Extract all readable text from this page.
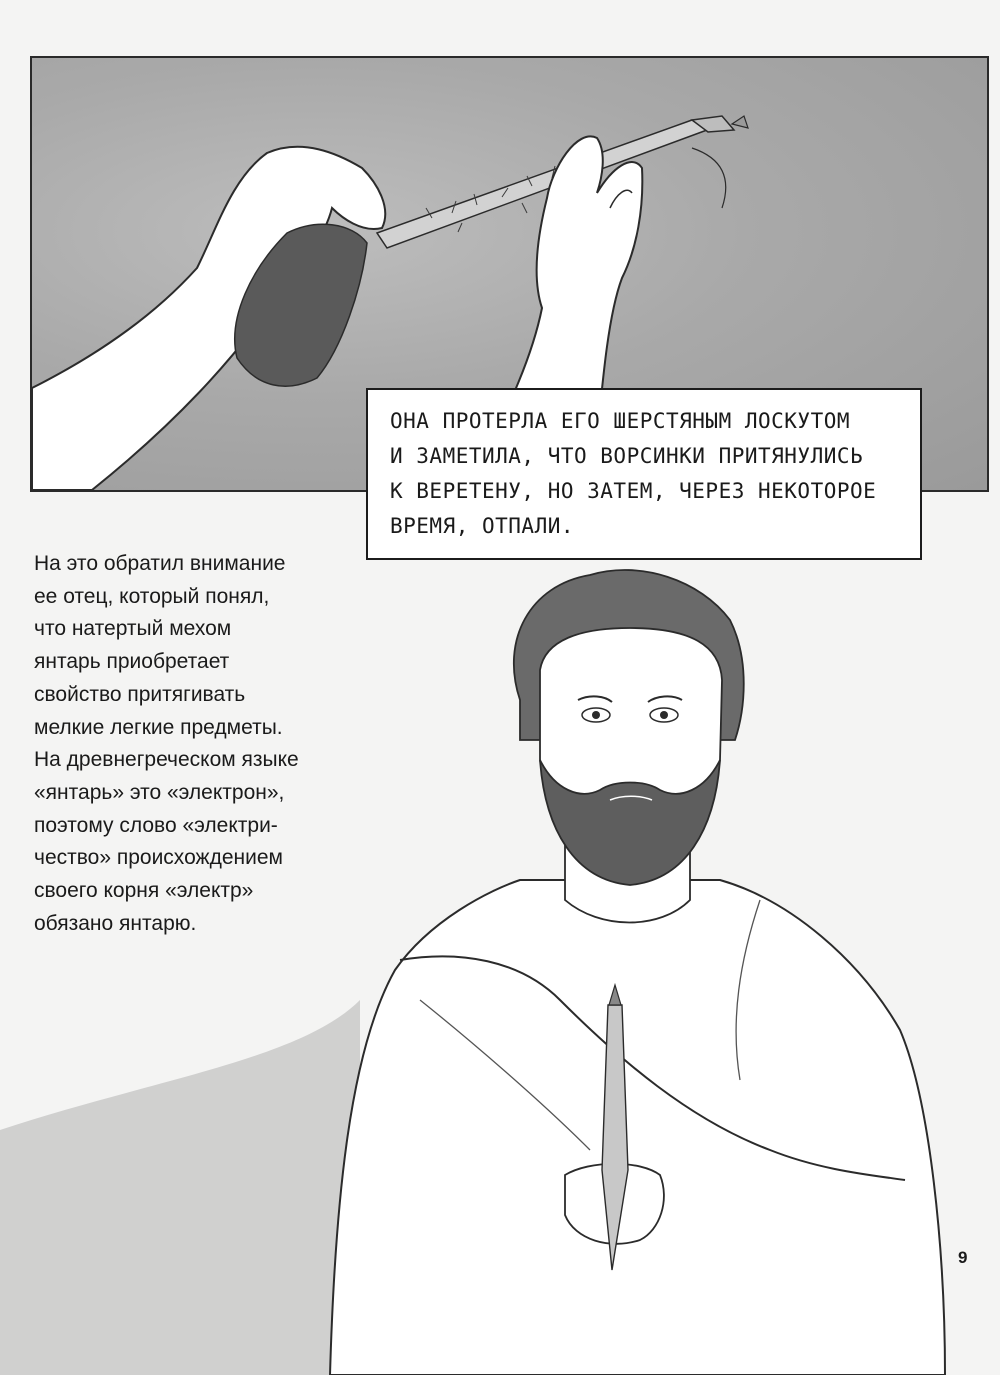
ОНА ПРОТЕРЛА ЕГО ШЕРСТЯНЫМ ЛОСКУТОМ
И ЗАМЕТИЛА, ЧТО ВОРСИНКИ ПРИТЯНУЛИСЬ
К ВЕРЕТЕНУ, НО ЗАТЕМ, ЧЕРЕЗ НЕКОТОРОЕ
ВРЕМЯ, ОТПАЛИ.
На это обратил внимание
ее отец, который понял,
что натертый мехом
янтарь приобретает
свойство притягивать
мелкие легкие предметы.
На древнегреческом языке
«янтарь» это «электрон»,
поэтому слово «электри-
чество» происхождением
своего корня «электр»
обязано янтарю.
9
